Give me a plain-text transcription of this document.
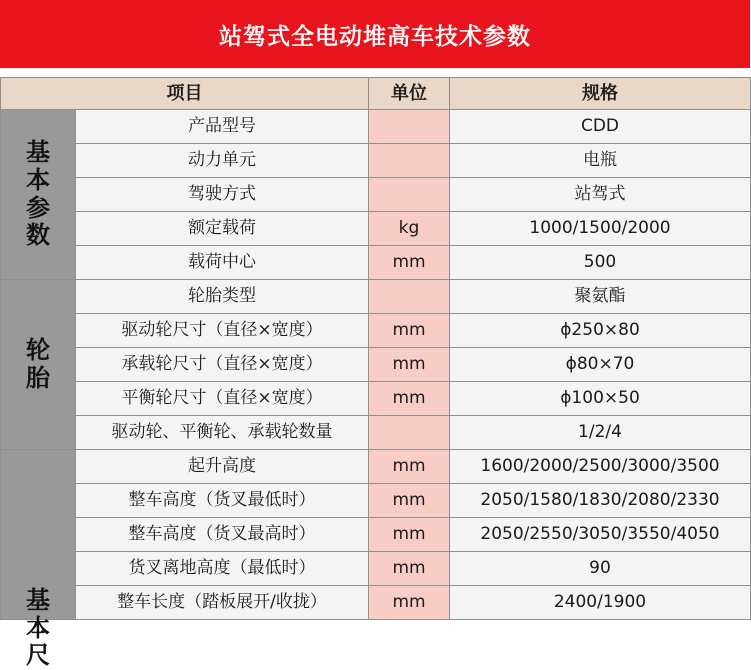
站驾式全电动堆高车技术参数
项目		单位	规格
基本参数	产品型号		CDD
	动力单元		电瓶
	驾驶方式		站驾式
	额定载荷	kg	1000/1500/2000
	载荷中心	mm	500
轮胎	轮胎类型		聚氨酯
	驱动轮尺寸（直径×宽度）	mm	ϕ250×80
	承载轮尺寸（直径×宽度）	mm	ϕ80×70
	平衡轮尺寸（直径×宽度）	mm	ϕ100×50
	驱动轮、平衡轮、承载轮数量		1/2/4
基本尺	起升高度	mm	1600/2000/2500/3000/3500
	整车高度（货叉最低时）	mm	2050/1580/1830/2080/2330
	整车高度（货叉最高时）	mm	2050/2550/3050/3550/4050
	货叉离地高度（最低时）	mm	90
	整车长度（踏板展开/收拢）	mm	2400/1900
